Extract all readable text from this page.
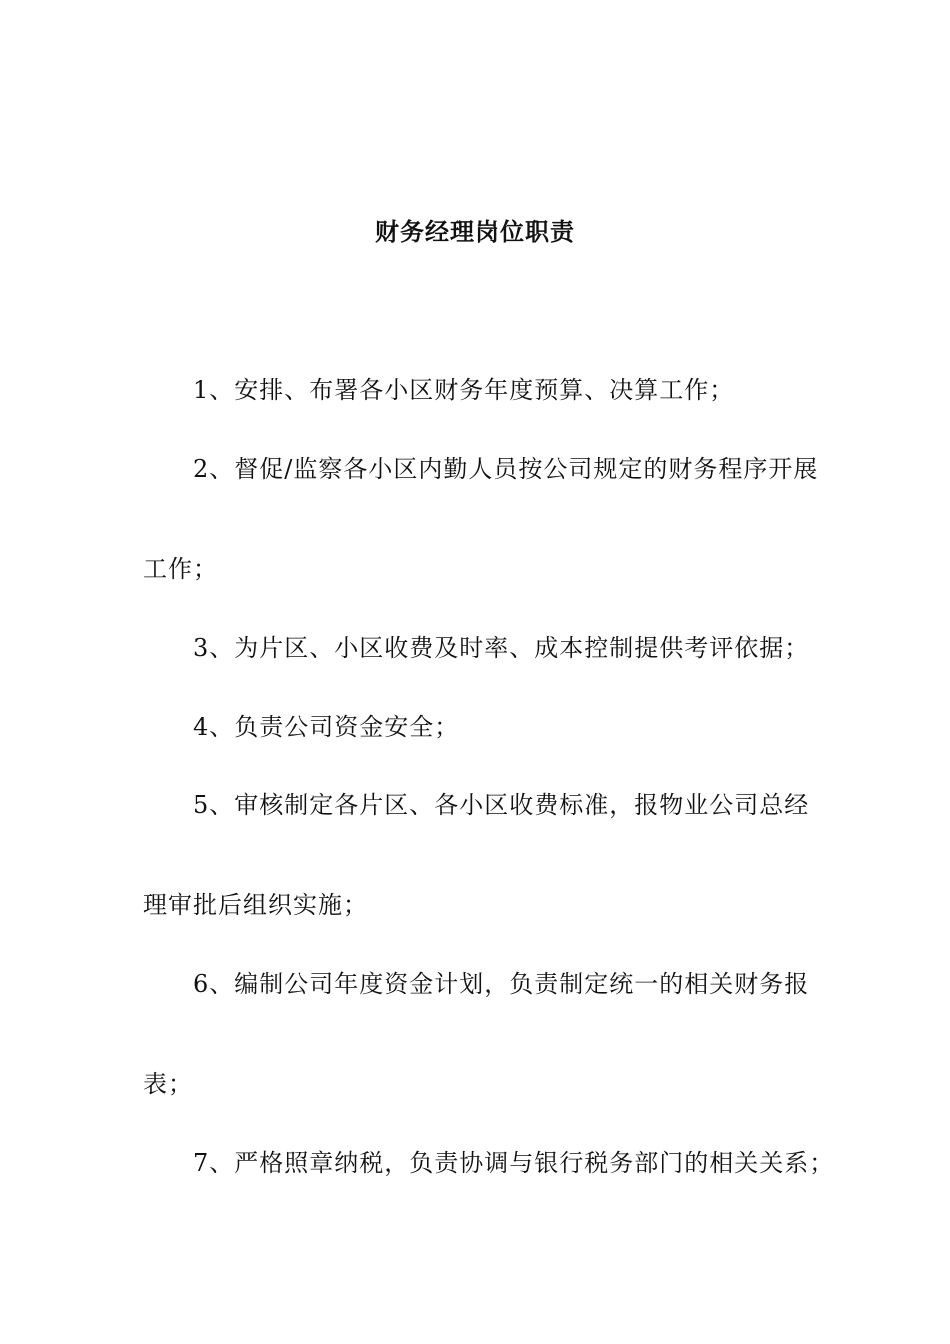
财务经理岗位职责
1、安排、布署各小区财务年度预算、决算工作；
2、督促/监察各小区内勤人员按公司规定的财务程序开展
工作；
3、为片区、小区收费及时率、成本控制提供考评依据；
4、负责公司资金安全；
5、审核制定各片区、各小区收费标准，报物业公司总经
理审批后组织实施；
6、编制公司年度资金计划，负责制定统一的相关财务报
表；
7、严格照章纳税，负责协调与银行税务部门的相关关系；
